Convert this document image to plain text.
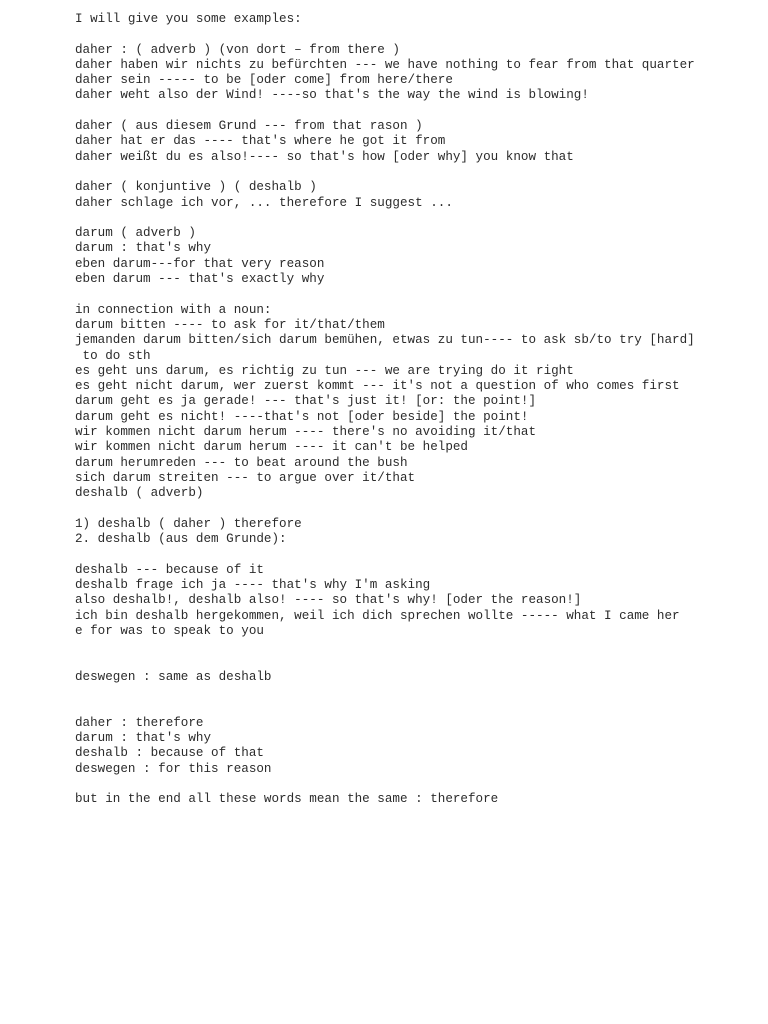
I will give you some examples:
daher : ( adverb ) (von dort – from there )
daher haben wir nichts zu befürchten --- we have nothing to fear from that quarter
daher sein ----- to be [oder come] from here/there
daher weht also der Wind! ----so that's the way the wind is blowing!
daher ( aus diesem Grund --- from that rason )
daher hat er das ---- that's where he got it from
daher weißt du es also!---- so that's how [oder why] you know that
daher ( konjuntive ) ( deshalb )
daher schlage ich vor, ... therefore I suggest ...
darum ( adverb )
darum : that's why
eben darum---for that very reason
eben darum --- that's exactly why
in connection with a noun:
darum bitten ---- to ask for it/that/them
jemanden darum bitten/sich darum bemühen, etwas zu tun---- to ask sb/to try [hard]
to do sth
es geht uns darum, es richtig zu tun --- we are trying do it right
es geht nicht darum, wer zuerst kommt --- it's not a question of who comes first
darum geht es ja gerade! --- that's just it! [or: the point!]
darum geht es nicht! ----that's not [oder beside] the point!
wir kommen nicht darum herum ---- there's no avoiding it/that
wir kommen nicht darum herum ---- it can't be helped
darum herumreden --- to beat around the bush
sich darum streiten --- to argue over it/that
deshalb ( adverb)
1) deshalb ( daher ) therefore
2. deshalb (aus dem Grunde):
deshalb --- because of it
deshalb frage ich ja ---- that's why I'm asking
also deshalb!, deshalb also! ---- so that's why! [oder the reason!]
ich bin deshalb hergekommen, weil ich dich sprechen wollte ----- what I came her
e for was to speak to you
deswegen : same as deshalb
daher : therefore
darum : that's why
deshalb : because of that
deswegen : for this reason
but in the end all these words mean the same : therefore
